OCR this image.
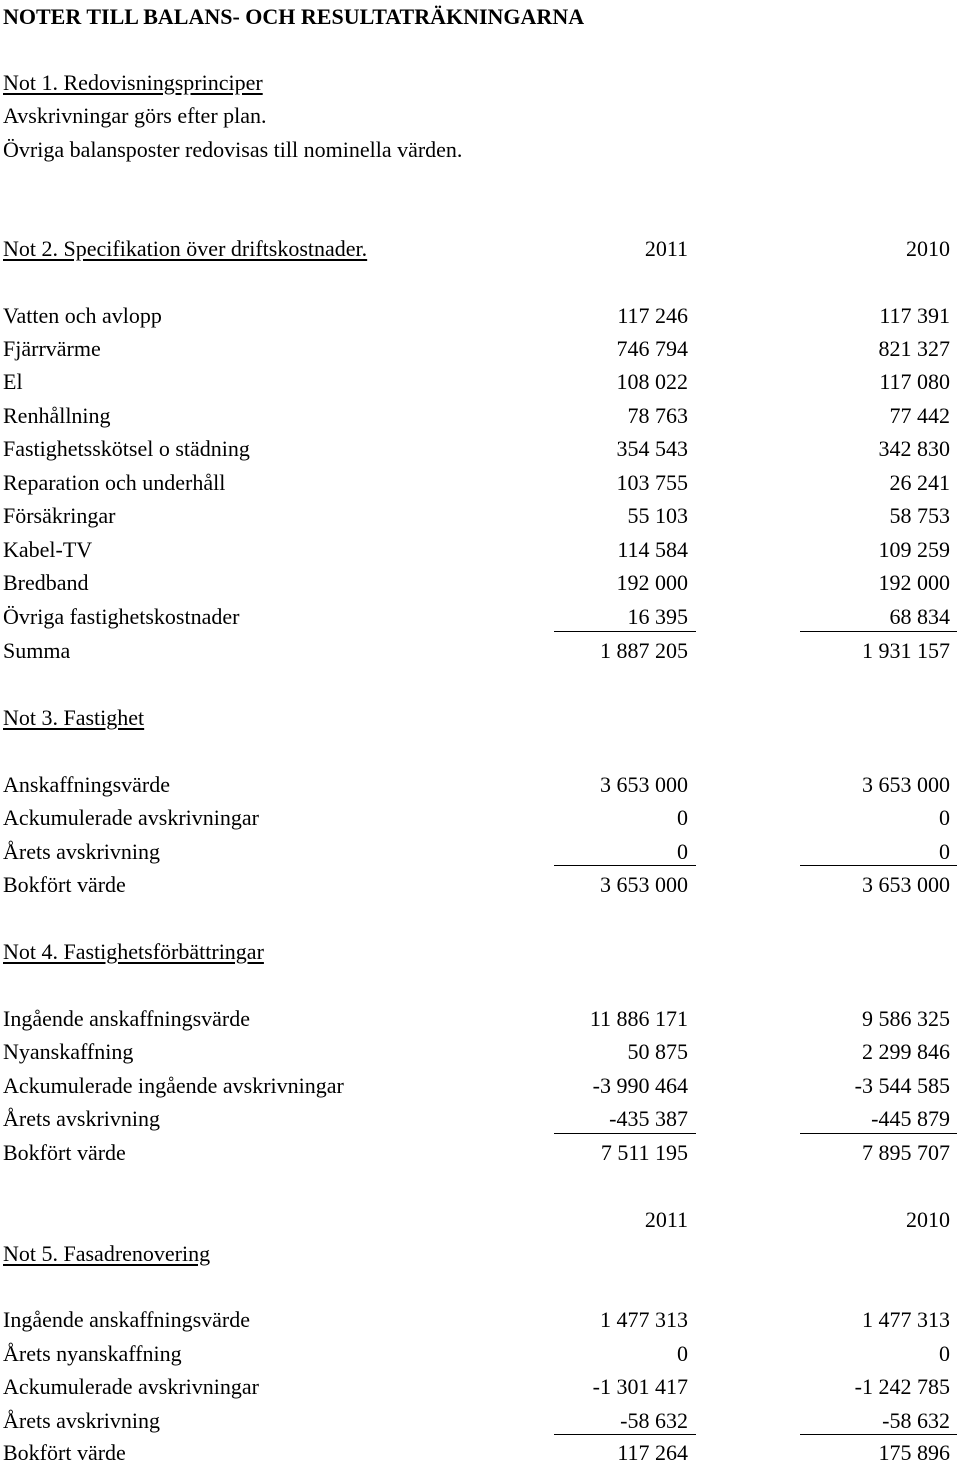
NOTER TILL BALANS- OCH RESULTATRÄKNINGARNA
Not 1. Redovisningsprinciper
Avskrivningar görs efter plan.
Övriga balansposter redovisas till nominella värden.
Not 2. Specifikation över driftskostnader.	2011	2010
Vatten och avlopp	117 246	117 391
Fjärrvärme	746 794	821 327
El	108 022	117 080
Renhållning	78 763	77 442
Fastighetsskötsel o städning	354 543	342 830
Reparation och underhåll	103 755	26 241
Försäkringar	55 103	58 753
Kabel-TV	114 584	109 259
Bredband	192 000	192 000
Övriga fastighetskostnader	16 395	68 834
Summa	1 887 205	1 931 157
Not 3. Fastighet
Anskaffningsvärde	3 653 000	3 653 000
Ackumulerade avskrivningar	0	0
Årets avskrivning	0	0
Bokfört värde	3 653 000	3 653 000
Not 4. Fastighetsförbättringar
Ingående anskaffningsvärde	11 886 171	9 586 325
Nyanskaffning	50 875	2 299 846
Ackumulerade ingående avskrivningar	-3 990 464	-3 544 585
Årets avskrivning	-435 387	-445 879
Bokfört värde	7 511 195	7 895 707
2011	2010
Not 5. Fasadrenovering
Ingående anskaffningsvärde	1 477 313	1 477 313
Årets nyanskaffning	0	0
Ackumulerade avskrivningar	-1 301 417	-1 242 785
Årets avskrivning	-58 632	-58 632
Bokfört värde	117 264	175 896
